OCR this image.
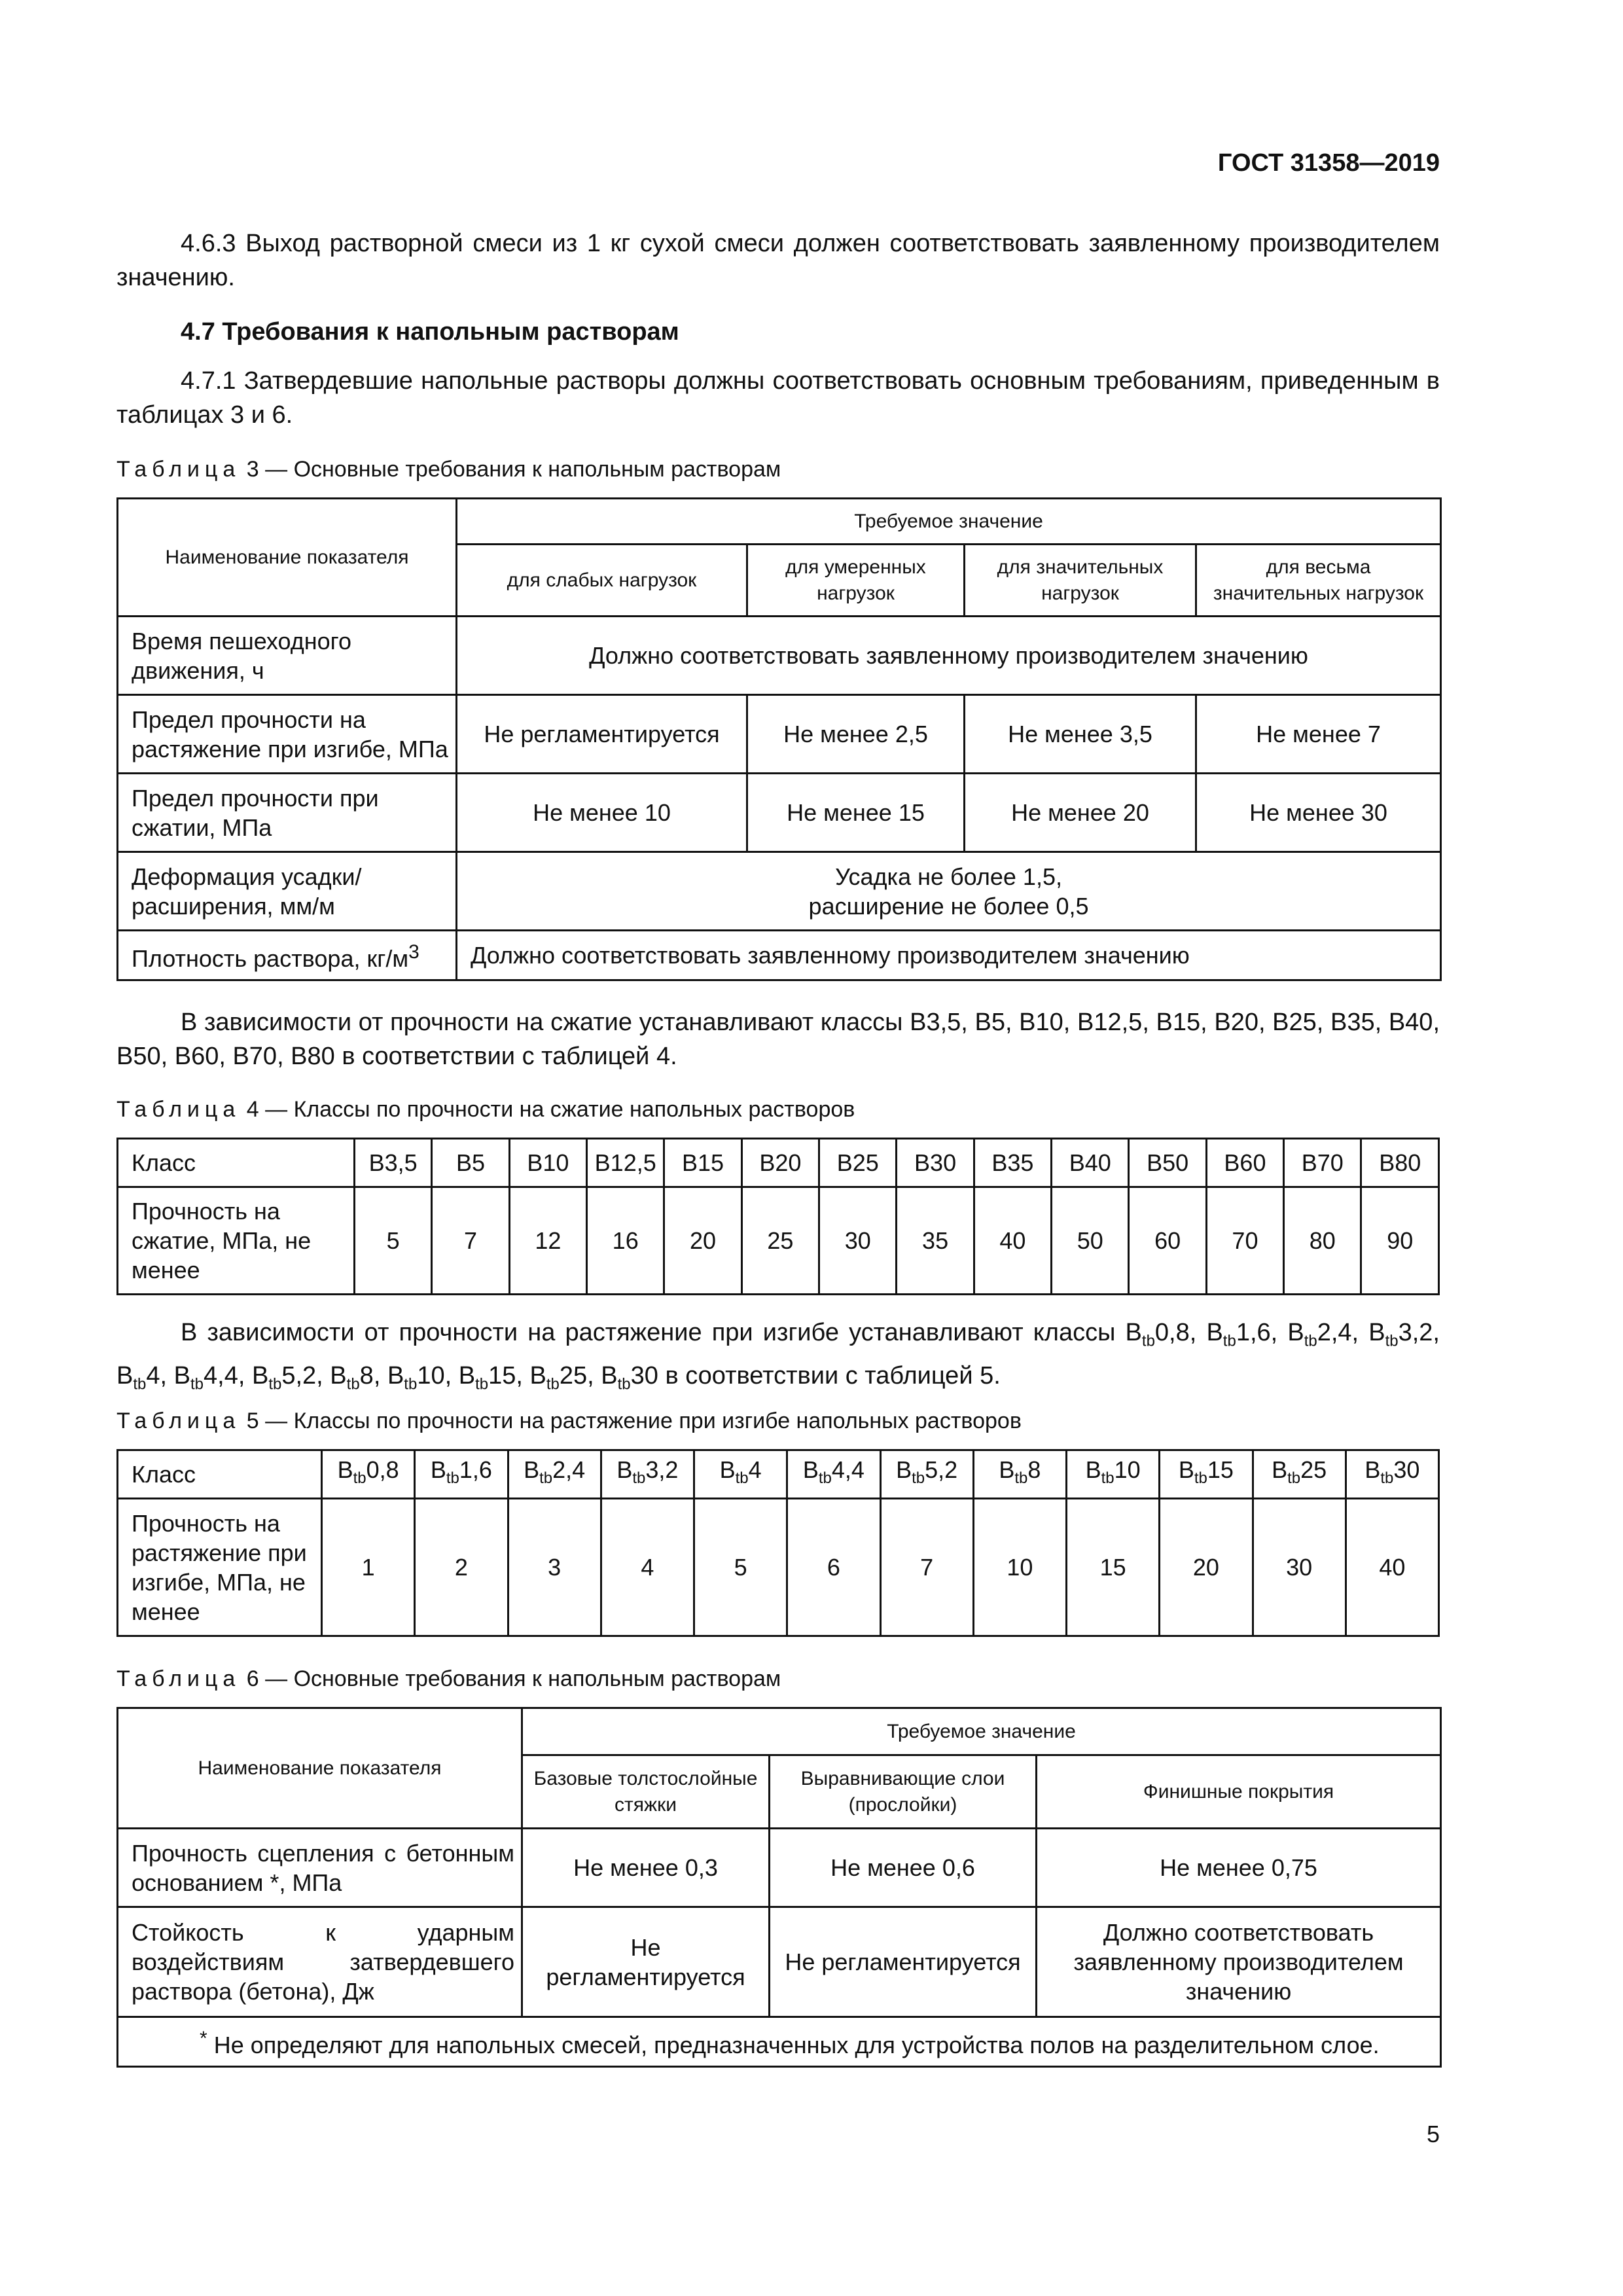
ГОСТ 31358—2019

4.6.3 Выход растворной смеси из 1 кг сухой смеси должен соответствовать заявленному производителем значению.

4.7 Требования к напольным растворам

4.7.1 Затвердевшие напольные растворы должны соответствовать основным требованиям, приведенным в таблицах 3 и 6.

Таблица 3 — Основные требования к напольным растворам
Наименование показателя	Требуемое значение			
	для слабых нагрузок	для умеренных нагрузок	для значительных нагрузок	для весьма значительных нагрузок
Время пешеходного движения, ч	Должно соответствовать заявленному производителем значению			
Предел прочности на растяжение при изгибе, МПа	Не регламентируется	Не менее 2,5	Не менее 3,5	Не менее 7
Предел прочности при сжатии, МПа	Не менее 10	Не менее 15	Не менее 20	Не менее 30
Деформация усадки/ расширения, мм/м	Усадка не более 1,5,
расширение не более 0,5			

Плотность раствора, $кг/м^3$	Должно соответствовать заявленному производителем значению			

В зависимости от прочности на сжатие устанавливают классы В3,5, В5, В10, В12,5, В15, В20, В25, В35, В40, В50, В60, В70, В80 в соответствии с таблицей 4.

Таблица 4 — Классы по прочности на сжатие напольных растворов
Класс	В3,5	В5	В10	В12,5	В15	В20	В25	В30	В35	В40	В50	В60	В70	В80
Прочность на сжатие, МПа, не менее	5	7	12	16	20	25	30	35	40	50	60	70	80	90

В зависимости от прочности на растяжение при изгибе устанавливают классы $B_{tb}0,8$, $B_{tb}1,6$, $B_{tb}2,4$, $B_{tb}3,2$, $B_{tb}4$, $B_{tb}4,4$, $B_{tb}5,2$, $B_{tb}8$, $B_{tb}10$, $B_{tb}15$, $B_{tb}25$, $B_{tb}30$ в соответствии с таблицей 5.

Таблица 5 — Классы по прочности на растяжение при изгибе напольных растворов
Класс	$B_{tb}0,8$	$B_{tb}1,6$	$B_{tb}2,4$	$B_{tb}3,2$	$B_{tb}4$	$B_{tb}4,4$	$B_{tb}5,2$	$B_{tb}8$	$B_{tb}10$	$B_{tb}15$	$B_{tb}25$	$B_{tb}30$
Прочность на растяжение при изгибе, МПа, не менее	1	2	3	4	5	6	7	10	15	20	30	40
Таблица 6 — Основные требования к напольным растворам
Наименование показателя	Требуемое значение		
	Базовые толстослойные стяжки	Выравнивающие слои (прослойки)	Финишные покрытия
Прочность сцепления с бетонным основанием *, МПа	Не менее 0,3	Не менее 0,6	Не менее 0,75
Стойкость к ударным воздействиям затвердевшего раствора (бетона), Дж	Не регламентируется	Не регламентируется	Должно соответствовать заявленному производителем значению
* Не определяют для напольных смесей, предназначенных для устройства полов на разделительном слое.			
5
